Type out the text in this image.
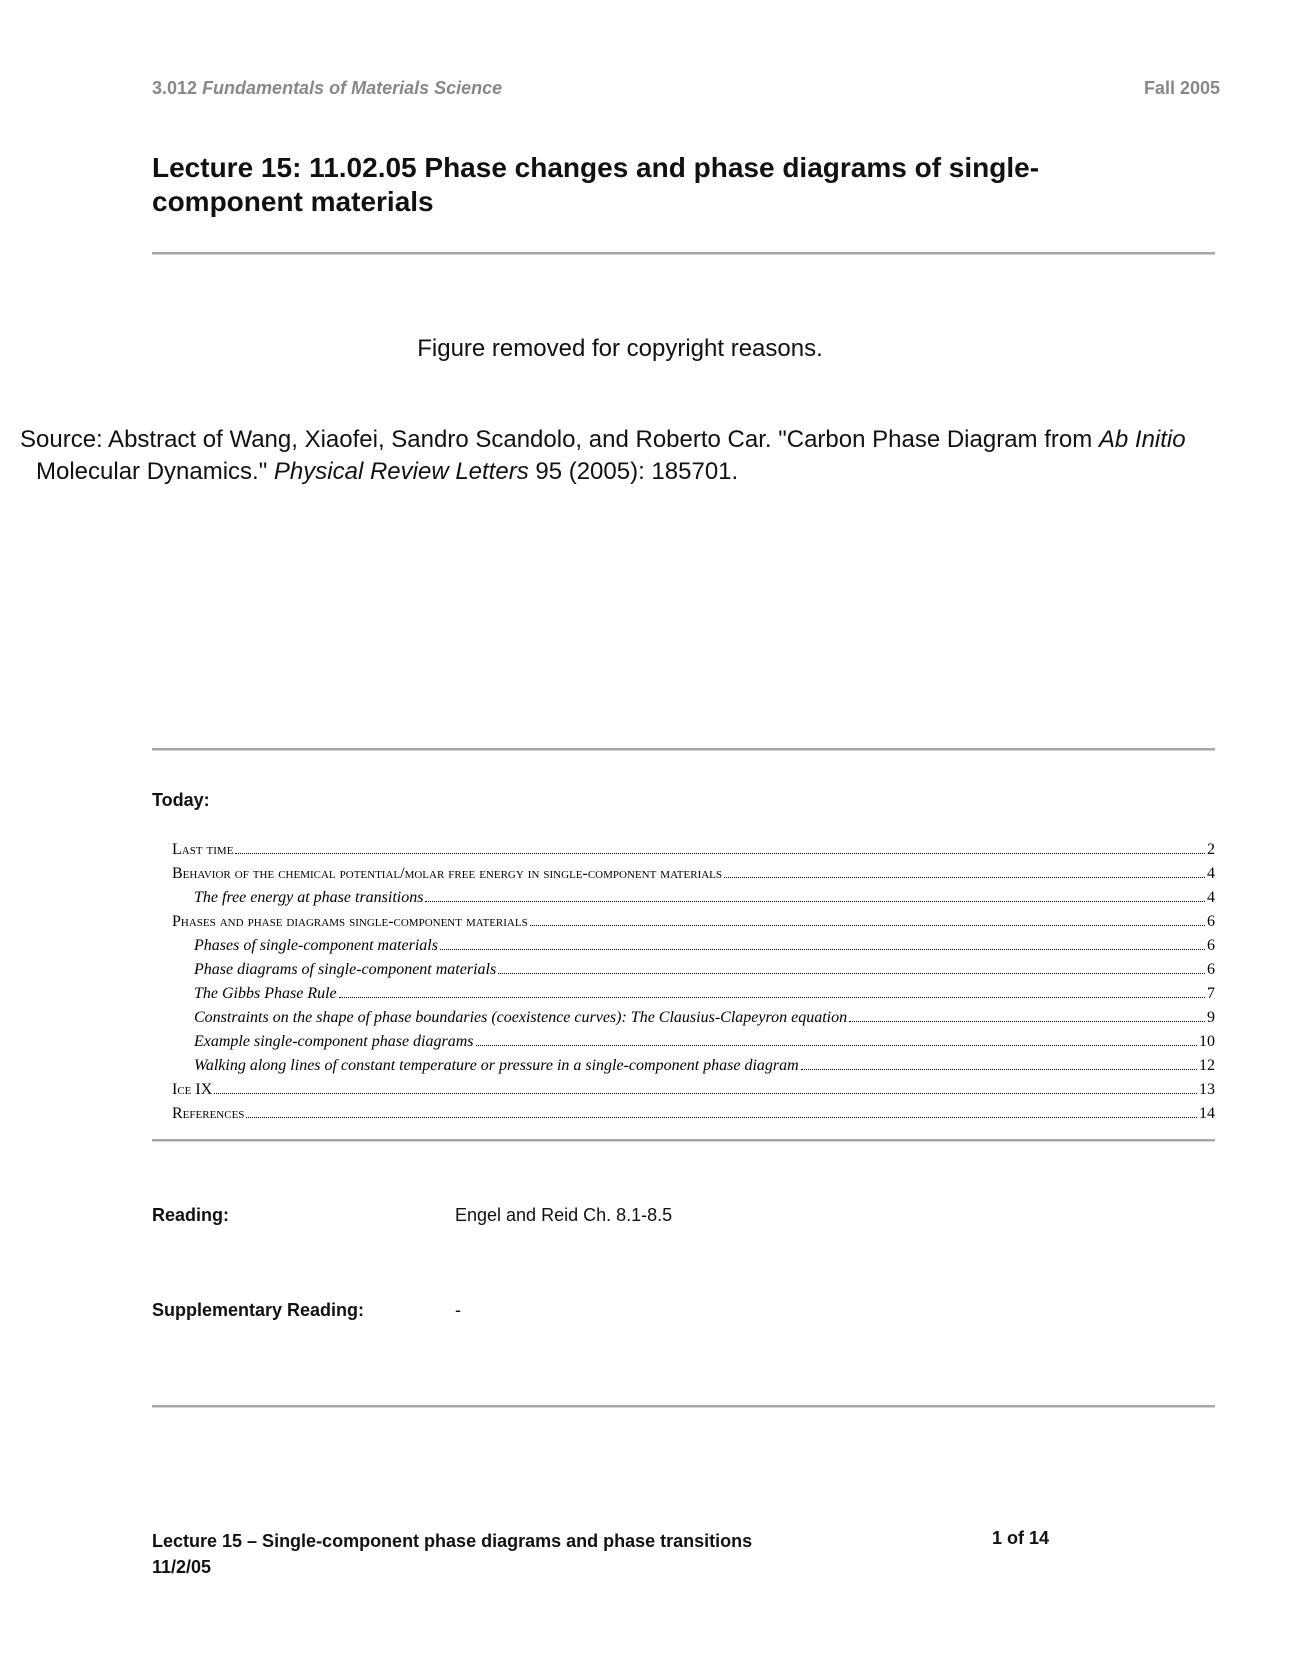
3.012 Fundamentals of Materials Science	Fall 2005
Lecture 15: 11.02.05 Phase changes and phase diagrams of single-
component materials
Figure removed for copyright reasons.
Source: Abstract of Wang, Xiaofei, Sandro Scandolo, and Roberto Car. "Carbon Phase Diagram from Ab Initio
Molecular Dynamics." Physical Review Letters 95 (2005): 185701.
Today:
Last time	2
Behavior of the chemical potential/molar free energy in single-component materials	4
The free energy at phase transitions	4
Phases and phase diagrams single-component materials	6
Phases of single-component materials	6
Phase diagrams of single-component materials	6
The Gibbs Phase Rule	7
Constraints on the shape of phase boundaries (coexistence curves): The Clausius-Clapeyron equation	9
Example single-component phase diagrams	10
Walking along lines of constant temperature or pressure in a single-component phase diagram	12
Ice IX	13
References	14
Reading:	Engel and Reid Ch. 8.1-8.5
Supplementary Reading:	-
Lecture 15 – Single-component phase diagrams and phase transitions
11/2/05
1 of 14
